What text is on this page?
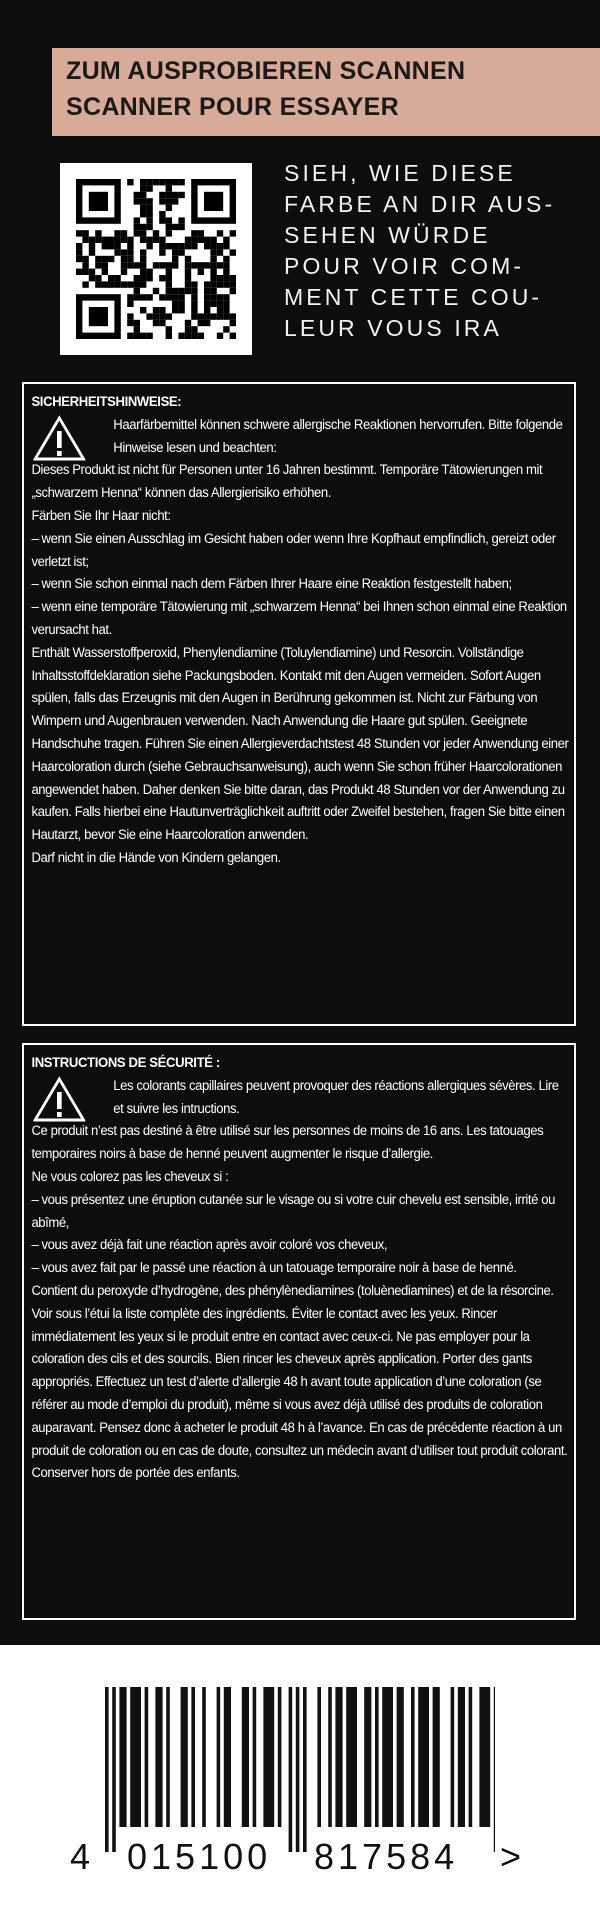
ZUM AUSPROBIEREN SCANNEN
SCANNER POUR ESSAYER
SIEH, WIE DIESE
FARBE AN DIR AUS-
SEHEN WÜRDE
POUR VOIR COM-
MENT CETTE COU-
LEUR VOUS IRA
SICHERHEITSHINWEISE:
Haarfärbemittel können schwere allergische Reaktionen hervorrufen. Bitte folgende Hinweise lesen und beachten:
Dieses Produkt ist nicht für Personen unter 16 Jahren bestimmt. Temporäre Tätowierungen mit „schwarzem Henna“ können das Allergierisiko erhöhen.
Färben Sie Ihr Haar nicht:
– wenn Sie einen Ausschlag im Gesicht haben oder wenn Ihre Kopfhaut empfindlich, gereizt oder verletzt ist;
– wenn Sie schon einmal nach dem Färben Ihrer Haare eine Reaktion festgestellt haben;
– wenn eine temporäre Tätowierung mit „schwarzem Henna“ bei Ihnen schon einmal eine Reaktion verursacht hat.
Enthält Wasserstoffperoxid, Phenylendiamine (Toluylendiamine) und Resorcin. Vollständige Inhaltsstoffdeklaration siehe Packungsboden. Kontakt mit den Augen vermeiden. Sofort Augen spülen, falls das Erzeugnis mit den Augen in Berührung gekommen ist. Nicht zur Färbung von Wimpern und Augenbrauen verwenden. Nach Anwendung die Haare gut spülen. Geeignete Handschuhe tragen. Führen Sie einen Allergieverdachtstest 48 Stunden vor jeder Anwendung einer Haarcoloration durch (siehe Gebrauchsanweisung), auch wenn Sie schon früher Haarcolorationen angewendet haben. Daher denken Sie bitte daran, das Produkt 48 Stunden vor der Anwendung zu kaufen. Falls hierbei eine Hautunverträglichkeit auftritt oder Zweifel bestehen, fragen Sie bitte einen Hautarzt, bevor Sie eine Haarcoloration anwenden.
Darf nicht in die Hände von Kindern gelangen.
INSTRUCTIONS DE SÉCURITÉ :
Les colorants capillaires peuvent provoquer des réactions allergiques sévères. Lire et suivre les intructions.
Ce produit n’est pas destiné à être utilisé sur les personnes de moins de 16 ans. Les tatouages temporaires noirs à base de henné peuvent augmenter le risque d’allergie.
Ne vous colorez pas les cheveux si :
– vous présentez une éruption cutanée sur le visage ou si votre cuir chevelu est sensible, irrité ou abîmé,
– vous avez déjà fait une réaction après avoir coloré vos cheveux,
– vous avez fait par le passé une réaction à un tatouage temporaire noir à base de henné.
Contient du peroxyde d’hydrogène, des phénylènediamines (toluènediamines) et de la résorcine. Voir sous l’étui la liste complète des ingrédients. Éviter le contact avec les yeux. Rincer immédiatement les yeux si le produit entre en contact avec ceux-ci. Ne pas employer pour la coloration des cils et des sourcils. Bien rincer les cheveux après application. Porter des gants appropriés. Effectuez un test d’alerte d’allergie 48 h avant toute application d’une coloration (se référer au mode d’emploi du produit), même si vous avez déjà utilisé des produits de coloration auparavant. Pensez donc à acheter le produit 48 h à l’avance. En cas de précédente réaction à un produit de coloration ou en cas de doute, consultez un médecin avant d’utiliser tout produit colorant. Conserver hors de portée des enfants.
4 015100 817584 >
